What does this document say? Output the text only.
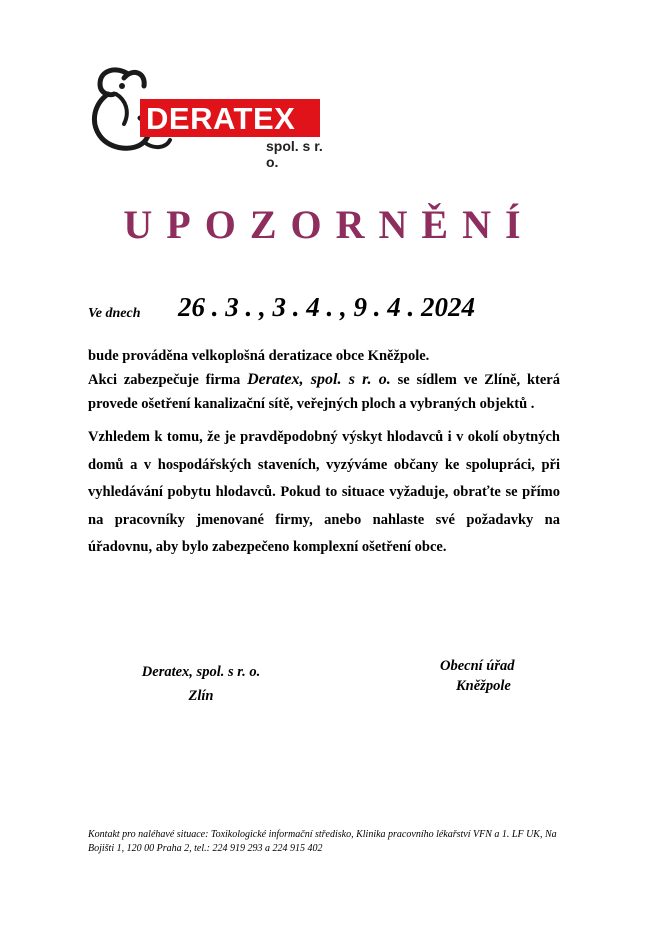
DERATEX
spol. s r. o.
UPOZORNĚNÍ
Ve dnech 26 . 3 . , 3 . 4 . , 9 . 4 . 2024

bude prováděna velkoplošná deratizace obce Kněžpole.
Akci zabezpečuje firma Deratex, spol. s r. o. se sídlem ve Zlíně, která provede ošetření kanalizační sítě, veřejných ploch a vybraných objektů .

Vzhledem k tomu, že je pravděpodobný výskyt hlodavců i v okolí obytných domů a v hospodářských staveních, vyzýváme občany ke spolupráci, při vyhledávání pobytu hlodavců. Pokud to situace vyžaduje, obraťte se přímo na pracovníky jmenované firmy, anebo nahlaste své požadavky na úřadovnu, aby bylo zabezpečeno komplexní ošetření obce.

Deratex, spol. s r. o.
Zlín
Obecní úřad

Kněžpole
Kontakt pro naléhavé situace: Toxikologické informační středisko, Klinika pracovního lékařství VFN a 1. LF UK, Na Bojišti 1, 120 00 Praha 2, tel.: 224 919 293 a 224 915 402
